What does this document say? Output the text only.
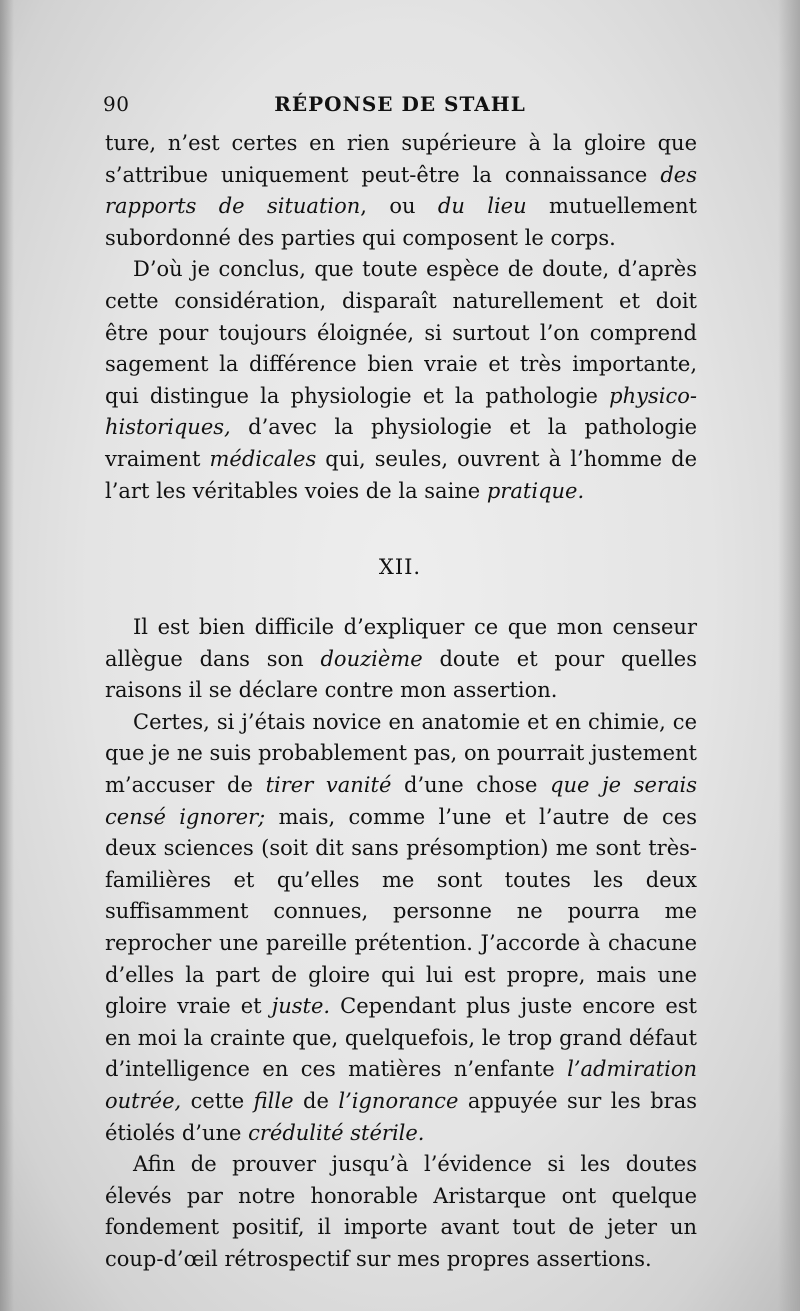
90	RÉPONSE DE STAHL

ture, n’est certes en rien supérieure à la gloire que s’attribue uniquement peut-être la connaissance des rapports de situation, ou du lieu mutuellement subordonné des parties qui composent le corps.

D’où je conclus, que toute espèce de doute, d’après cette considération, disparaît naturellement et doit être pour toujours éloignée, si surtout l’on comprend sagement la différence bien vraie et très importante, qui distingue la physiologie et la pathologie physico-historiques, d’avec la physiologie et la pathologie vraiment médicales qui, seules, ouvrent à l’homme de l’art les véritables voies de la saine pratique.

XII.

Il est bien difficile d’expliquer ce que mon censeur allègue dans son douzième doute et pour quelles raisons il se déclare contre mon assertion.

Certes, si j’étais novice en anatomie et en chimie, ce que je ne suis probablement pas, on pourrait justement m’accuser de tirer vanité d’une chose que je serais censé ignorer; mais, comme l’une et l’autre de ces deux sciences (soit dit sans présomption) me sont très-familières et qu’elles me sont toutes les deux suffisamment connues, personne ne pourra me reprocher une pareille prétention. J’accorde à chacune d’elles la part de gloire qui lui est propre, mais une gloire vraie et juste. Cependant plus juste encore est en moi la crainte que, quelquefois, le trop grand défaut d’intelligence en ces matières n’enfante l’admiration outrée, cette fille de l’ignorance appuyée sur les bras étiolés d’une crédulité stérile.

Afin de prouver jusqu’à l’évidence si les doutes élevés par notre honorable Aristarque ont quelque fondement positif, il importe avant tout de jeter un coup-d’œil rétrospectif sur mes propres assertions.
